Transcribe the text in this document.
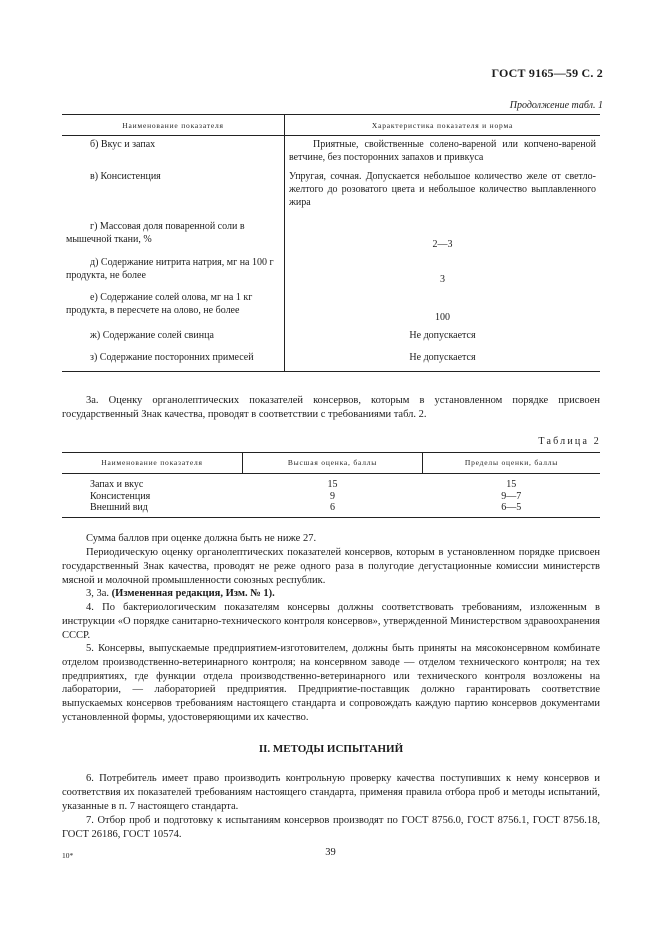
ГОСТ 9165—59 С. 2
Продолжение табл. 1
Наименование показателя	Характеристика показателя и норма
б) Вкус и запах	Приятные, свойственные солено-вареной или копчено-вареной ветчине, без посторонних запахов и привкуса
в) Консистенция	Упругая, сочная. Допускается небольшое количество желе от светло-желтого до розоватого цвета и небольшое количество выплавленного жира
г) Массовая доля поваренной соли в мышечной ткани, %	2—3
д) Содержание нитрита натрия, мг на 100 г продукта, не более	3
е) Содержание солей олова, мг на 1 кг продукта, в пересчете на олово, не более	100
ж) Содержание солей свинца	Не допускается
з) Содержание посторонних примесей	Не допускается

3а. Оценку органолептических показателей консервов, которым в установленном порядке присвоен государственный Знак качества, проводят в соответствии с требованиями табл. 2.

Таблица 2
Наименование показателя	Высшая оценка, баллы	Пределы оценки, баллы
Запах и вкус	15	15
Консистенция	9	9—7
Внешний вид	6	6—5

Сумма баллов при оценке должна быть не ниже 27.

Периодическую оценку органолептических показателей консервов, которым в установленном порядке присвоен государственный Знак качества, проводят не реже одного раза в полугодие дегустационные комиссии министерств мясной и молочной промышленности союзных республик.

3, 3а. (Измененная редакция, Изм. № 1).

4. По бактериологическим показателям консервы должны соответствовать требованиям, изложенным в инструкции «О порядке санитарно-технического контроля консервов», утвержденной Министерством здравоохранения СССР.

5. Консервы, выпускаемые предприятием-изготовителем, должны быть приняты на мясоконсервном комбинате отделом производственно-ветеринарного контроля; на консервном заводе — отделом технического контроля; на тех предприятиях, где функции отдела производственно-ветеринарного или технического контроля возложены на лаборатории, — лабораторией предприятия. Предприятие-поставщик должно гарантировать соответствие выпускаемых консервов требованиям настоящего стандарта и сопровождать каждую партию консервов документами установленной формы, удостоверяющими их качество.

II. МЕТОДЫ ИСПЫТАНИЙ

6. Потребитель имеет право производить контрольную проверку качества поступивших к нему консервов и соответствия их показателей требованиям настоящего стандарта, применяя правила отбора проб и методы испытаний, указанные в п. 7 настоящего стандарта.

7. Отбор проб и подготовку к испытаниям консервов производят по ГОСТ 8756.0, ГОСТ 8756.1, ГОСТ 8756.18, ГОСТ 26186, ГОСТ 10574.

10*	39
